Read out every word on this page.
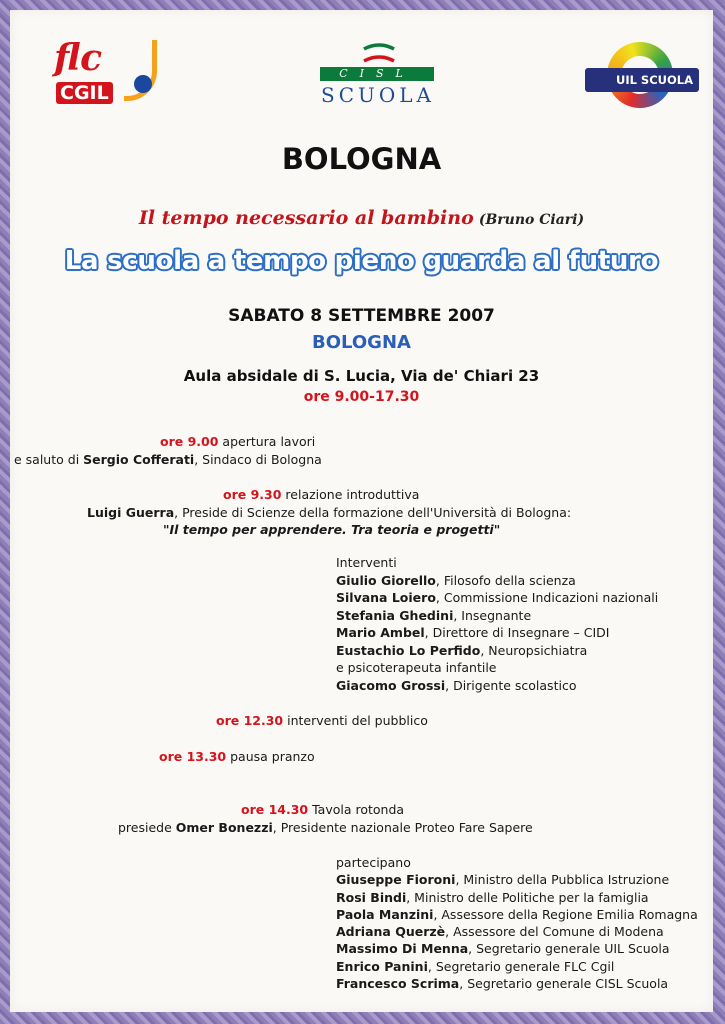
flc
CGIL
CISL
SCUOLA
UIL SCUOLA
BOLOGNA
Il tempo necessario al bambino (Bruno Ciari)
La scuola a tempo pieno guarda al futuro
SABATO 8 SETTEMBRE 2007
BOLOGNA
Aula absidale di S. Lucia, Via de' Chiari 23
ore 9.00-17.30
ore 9.00 apertura lavori
e saluto di Sergio Cofferati, Sindaco di Bologna
ore 9.30 relazione introduttiva
Luigi Guerra, Preside di Scienze della formazione dell'Università di Bologna:
"Il tempo per apprendere. Tra teoria e progetti"
Interventi
Giulio Giorello, Filosofo della scienza
Silvana Loiero, Commissione Indicazioni nazionali
Stefania Ghedini, Insegnante
Mario Ambel, Direttore di Insegnare – CIDI
Eustachio Lo Perfido, Neuropsichiatra
e psicoterapeuta infantile
Giacomo Grossi, Dirigente scolastico
ore 12.30 interventi del pubblico
ore 13.30 pausa pranzo
ore 14.30 Tavola rotonda
presiede Omer Bonezzi, Presidente nazionale Proteo Fare Sapere
partecipano
Giuseppe Fioroni, Ministro della Pubblica Istruzione
Rosi Bindi, Ministro delle Politiche per la famiglia
Paola Manzini, Assessore della Regione Emilia Romagna
Adriana Querzè, Assessore del Comune di Modena
Massimo Di Menna, Segretario generale UIL Scuola
Enrico Panini, Segretario generale FLC Cgil
Francesco Scrima, Segretario generale CISL Scuola
